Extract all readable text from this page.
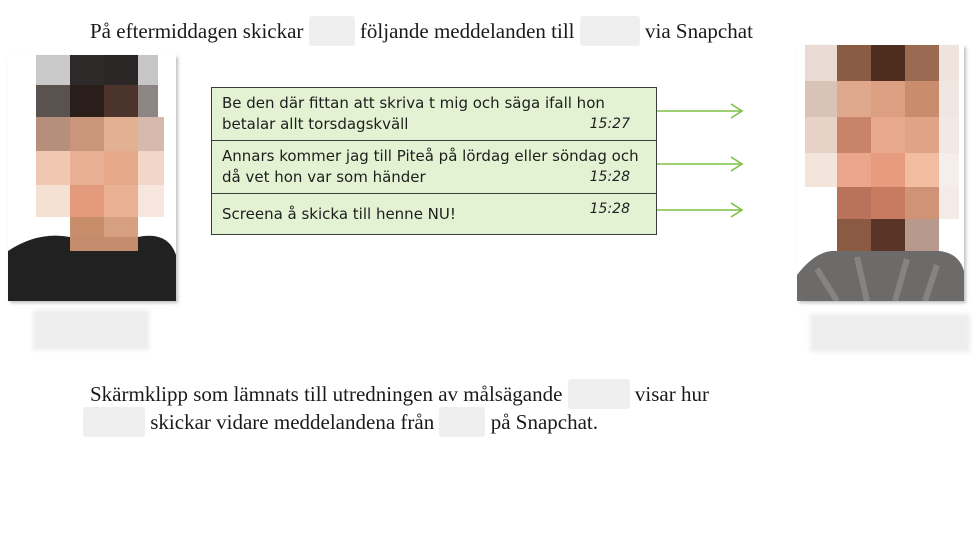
På eftermiddagen skickar	följande meddelanden till	via Snapchat
Be den där fittan att skriva t mig och säga ifall hon betalar allt torsdagskväll	15:27
Annars kommer jag till Piteå på lördag eller söndag och då vet hon var som händer	15:28
Screena å skicka till henne NU!	15:28
Skärmklipp som lämnats till utredningen av målsägande	visar hur
skickar vidare meddelandena från	på Snapchat.
